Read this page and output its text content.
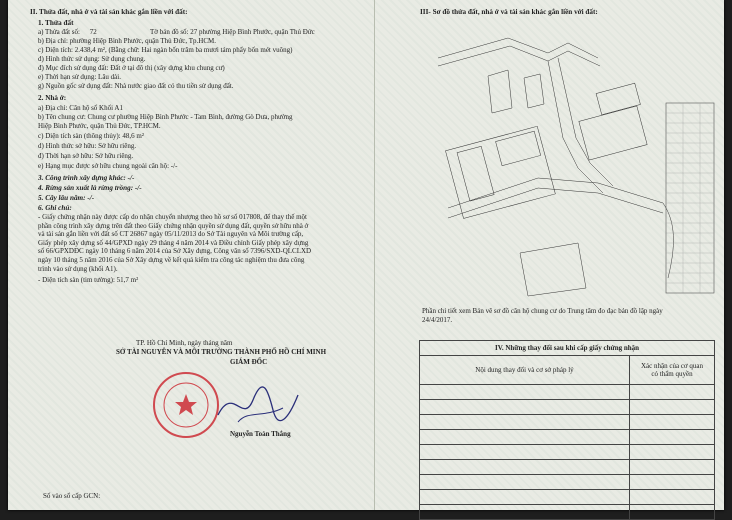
II. Thửa đất, nhà ở và tài sản khác gắn liền với đất:
1. Thửa đất
a) Thửa đất số: 72	Tờ bản đồ số: 27 phường Hiệp Bình Phước, quận Thủ Đức
b) Địa chỉ: phường Hiệp Bình Phước, quận Thủ Đức, Tp.HCM.
c) Diện tích: 2.438,4 m², (Bằng chữ: Hai ngàn bốn trăm ba mươi tám phẩy bốn mét vuông)
d) Hình thức sử dụng: Sử dụng chung.
đ) Mục đích sử dụng đất: Đất ở tại đô thị (xây dựng khu chung cư)
e) Thời hạn sử dụng: Lâu dài.
g) Nguồn gốc sử dụng đất: Nhà nước giao đất có thu tiền sử dụng đất.
2. Nhà ở:
a) Địa chỉ: Căn hộ số Khối A1
b) Tên chung cư: Chung cư phường Hiệp Bình Phước - Tam Bình, đường Gò Dưa, phường
Hiệp Bình Phước, quận Thủ Đức, TP.HCM.
c) Diện tích sàn (thông thủy): 48,6 m²
d) Hình thức sở hữu: Sở hữu riêng.
đ) Thời hạn sở hữu: Sở hữu riêng.
e) Hạng mục được sở hữu chung ngoài căn hộ: -/-
3. Công trình xây dựng khác: -/-
4. Rừng sản xuất là rừng trồng: -/-
5. Cây lâu năm: -/-
6. Ghi chú:
- Giấy chứng nhận này được cấp do nhận chuyển nhượng theo hồ sơ số 017808, để thay thế một
phần công trình xây dựng trên đất theo Giấy chứng nhận quyền sử dụng đất, quyền sở hữu nhà ở
và tài sản gắn liền với đất số CT 26867 ngày 05/11/2013 do Sở Tài nguyên và Môi trường cấp,
Giấy phép xây dựng số 44/GPXD ngày 29 tháng 4 năm 2014 và Điều chỉnh Giấy phép xây dựng
số 66/GPXDĐC ngày 10 tháng 6 năm 2014 của Sở Xây dựng, Công văn số 7396/SXD-QLCLXD
ngày 10 tháng 5 năm 2016 của Sở Xây dựng về kết quả kiểm tra công tác nghiệm thu đưa công
trình vào sử dụng (khối A1).
- Diện tích sàn (tim tường): 51,7 m²
TP. Hồ Chí Minh, ngày tháng năm
SỞ TÀI NGUYÊN VÀ MÔI TRƯỜNG THÀNH PHỐ HỒ CHÍ MINH
GIÁM ĐỐC
Nguyễn Toàn Thắng
Số vào sổ cấp GCN:
III- Sơ đồ thửa đất, nhà ở và tài sản khác gắn liền với đất:
Phần chi tiết xem Bản vẽ sơ đồ căn hộ chung cư do Trung tâm đo đạc bản đồ lập ngày
24/4/2017.
IV. Những thay đổi sau khi cấp giấy chứng nhận	
Nội dung thay đổi và cơ sở pháp lý	Xác nhận của cơ quan
có thẩm quyền
